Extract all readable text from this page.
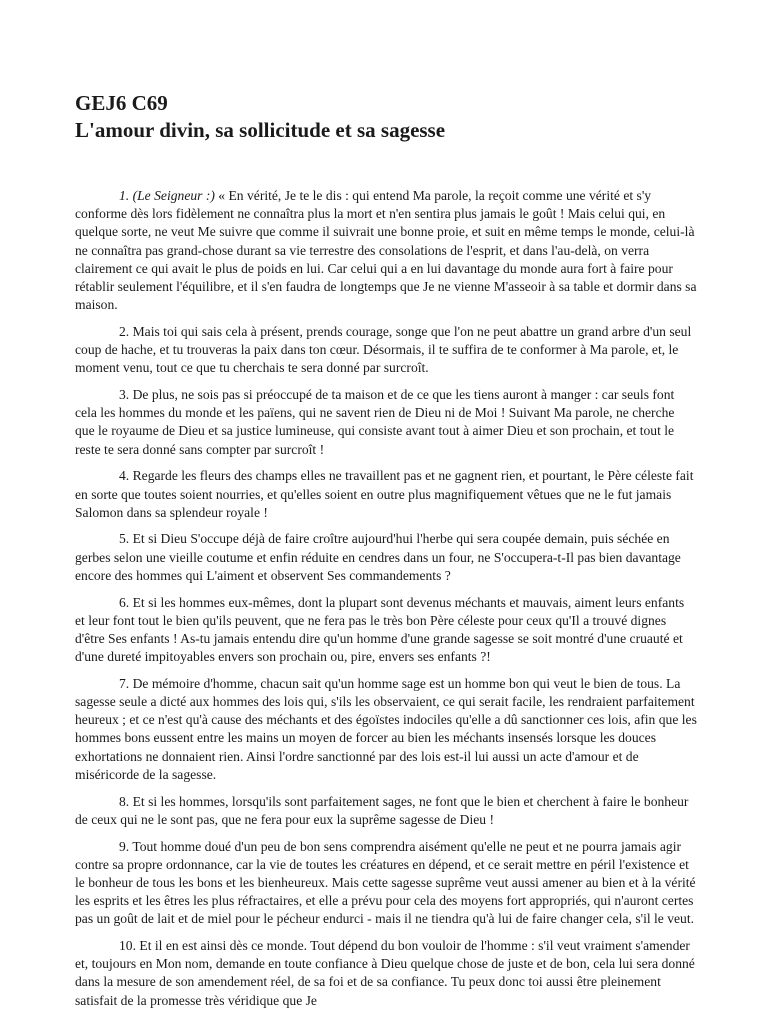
GEJ6 C69
L'amour divin, sa sollicitude et sa sagesse

1. (Le Seigneur :) « En vérité, Je te le dis : qui entend Ma parole, la reçoit comme une vérité et s'y conforme dès lors fidèlement ne connaîtra plus la mort et n'en sentira plus jamais le goût ! Mais celui qui, en quelque sorte, ne veut Me suivre que comme il suivrait une bonne proie, et suit en même temps le monde, celui-là ne connaîtra pas grand-chose durant sa vie terrestre des consolations de l'esprit, et dans l'au-delà, on verra clairement ce qui avait le plus de poids en lui. Car celui qui a en lui davantage du monde aura fort à faire pour rétablir seulement l'équilibre, et il s'en faudra de longtemps que Je ne vienne M'asseoir à sa table et dormir dans sa maison.

2. Mais toi qui sais cela à présent, prends courage, songe que l'on ne peut abattre un grand arbre d'un seul coup de hache, et tu trouveras la paix dans ton cœur. Désormais, il te suffira de te conformer à Ma parole, et, le moment venu, tout ce que tu cherchais te sera donné par surcroît.

3. De plus, ne sois pas si préoccupé de ta maison et de ce que les tiens auront à manger : car seuls font cela les hommes du monde et les païens, qui ne savent rien de Dieu ni de Moi ! Suivant Ma parole, ne cherche que le royaume de Dieu et sa justice lumineuse, qui consiste avant tout à aimer Dieu et son prochain, et tout le reste te sera donné sans compter par surcroît !

4. Regarde les fleurs des champs elles ne travaillent pas et ne gagnent rien, et pourtant, le Père céleste fait en sorte que toutes soient nourries, et qu'elles soient en outre plus magnifiquement vêtues que ne le fut jamais Salomon dans sa splendeur royale !

5. Et si Dieu S'occupe déjà de faire croître aujourd'hui l'herbe qui sera coupée demain, puis séchée en gerbes selon une vieille coutume et enfin réduite en cendres dans un four, ne S'occupera-t-Il pas bien davantage encore des hommes qui L'aiment et observent Ses commandements ?

6. Et si les hommes eux-mêmes, dont la plupart sont devenus méchants et mauvais, aiment leurs enfants et leur font tout le bien qu'ils peuvent, que ne fera pas le très bon Père céleste pour ceux qu'Il a trouvé dignes d'être Ses enfants ! As-tu jamais entendu dire qu'un homme d'une grande sagesse se soit montré d'une cruauté et d'une dureté impitoyables envers son prochain ou, pire, envers ses enfants ?!

7. De mémoire d'homme, chacun sait qu'un homme sage est un homme bon qui veut le bien de tous. La sagesse seule a dicté aux hommes des lois qui, s'ils les observaient, ce qui serait facile, les rendraient parfaitement heureux ; et ce n'est qu'à cause des méchants et des égoïstes indociles qu'elle a dû sanctionner ces lois, afin que les hommes bons eussent entre les mains un moyen de forcer au bien les méchants insensés lorsque les douces exhortations ne donnaient rien. Ainsi l'ordre sanctionné par des lois est-il lui aussi un acte d'amour et de miséricorde de la sagesse.

8. Et si les hommes, lorsqu'ils sont parfaitement sages, ne font que le bien et cherchent à faire le bonheur de ceux qui ne le sont pas, que ne fera pour eux la suprême sagesse de Dieu !

9. Tout homme doué d'un peu de bon sens comprendra aisément qu'elle ne peut et ne pourra jamais agir contre sa propre ordonnance, car la vie de toutes les créatures en dépend, et ce serait mettre en péril l'existence et le bonheur de tous les bons et les bienheureux. Mais cette sagesse suprême veut aussi amener au bien et à la vérité les esprits et les êtres les plus réfractaires, et elle a prévu pour cela des moyens fort appropriés, qui n'auront certes pas un goût de lait et de miel pour le pécheur endurci - mais il ne tiendra qu'à lui de faire changer cela, s'il le veut.

10. Et il en est ainsi dès ce monde. Tout dépend du bon vouloir de l'homme : s'il veut vraiment s'amender et, toujours en Mon nom, demande en toute confiance à Dieu quelque chose de juste et de bon, cela lui sera donné dans la mesure de son amendement réel, de sa foi et de sa confiance. Tu peux donc toi aussi être pleinement satisfait de la promesse très véridique que Je
